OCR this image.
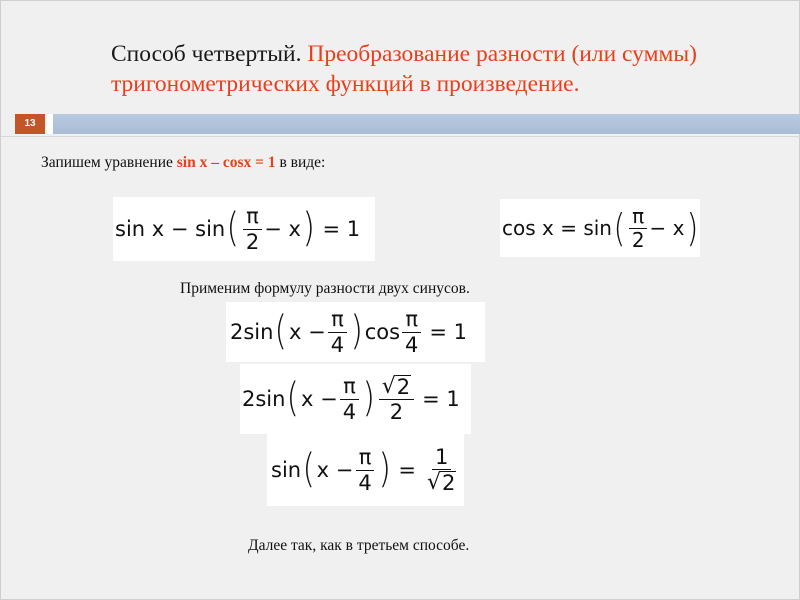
Способ четвертый. Преобразование разности (или суммы) тригонометрических функций в произведение.
13
Запишем уравнение sin x – cosx = 1 в виде:
sin x − sin ( $\frac{\pi}{2} - x$ ) = 1	cos x = sin ( $\frac{\pi}{2} - x$ )
Применим формулу разности двух синусов.
2sin ( $x - \frac{\pi}{4}$ ) $\cos \frac{\pi}{4} = 1$
2sin ( $x - \frac{\pi}{4}$ ) $\frac{√ 2}{2} = 1$
sin ( $x - \frac{\pi}{4}$ ) = $\frac{1}{√ 2}$
Далее так, как в третьем способе.
